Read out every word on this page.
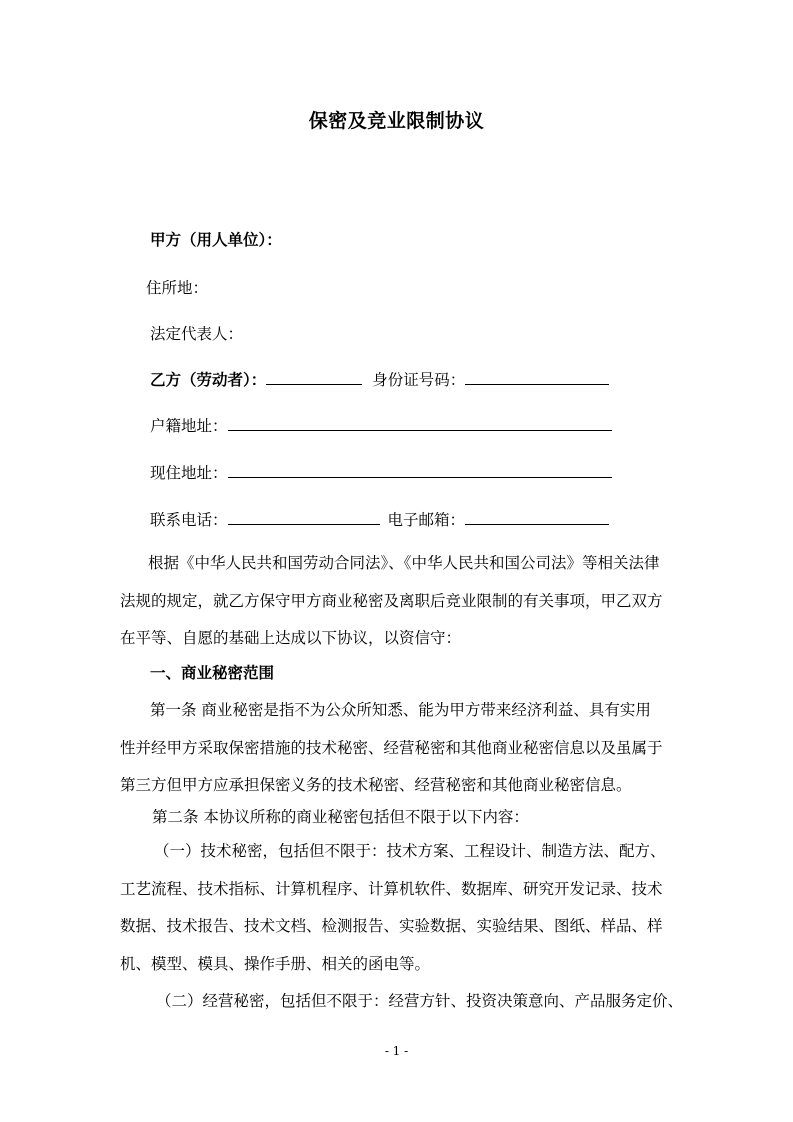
保密及竞业限制协议
甲方（用人单位）：
住所地：
法定代表人：
乙方（劳动者）：	身份证号码：
户籍地址：
现住地址：
联系电话：	电子邮箱：
根据《中华人民共和国劳动合同法》、《中华人民共和国公司法》等相关法律
法规的规定，就乙方保守甲方商业秘密及离职后竞业限制的有关事项，甲乙双方
在平等、自愿的基础上达成以下协议，以资信守：
一、商业秘密范围
第一条 商业秘密是指不为公众所知悉、能为甲方带来经济利益、具有实用
性并经甲方采取保密措施的技术秘密、经营秘密和其他商业秘密信息以及虽属于
第三方但甲方应承担保密义务的技术秘密、经营秘密和其他商业秘密信息。
第二条 本协议所称的商业秘密包括但不限于以下内容：
（一）技术秘密，包括但不限于：技术方案、工程设计、制造方法、配方、
工艺流程、技术指标、计算机程序、计算机软件、数据库、研究开发记录、技术
数据、技术报告、技术文档、检测报告、实验数据、实验结果、图纸、样品、样
机、模型、模具、操作手册、相关的函电等。
（二）经营秘密，包括但不限于：经营方针、投资决策意向、产品服务定价、
- 1 -
